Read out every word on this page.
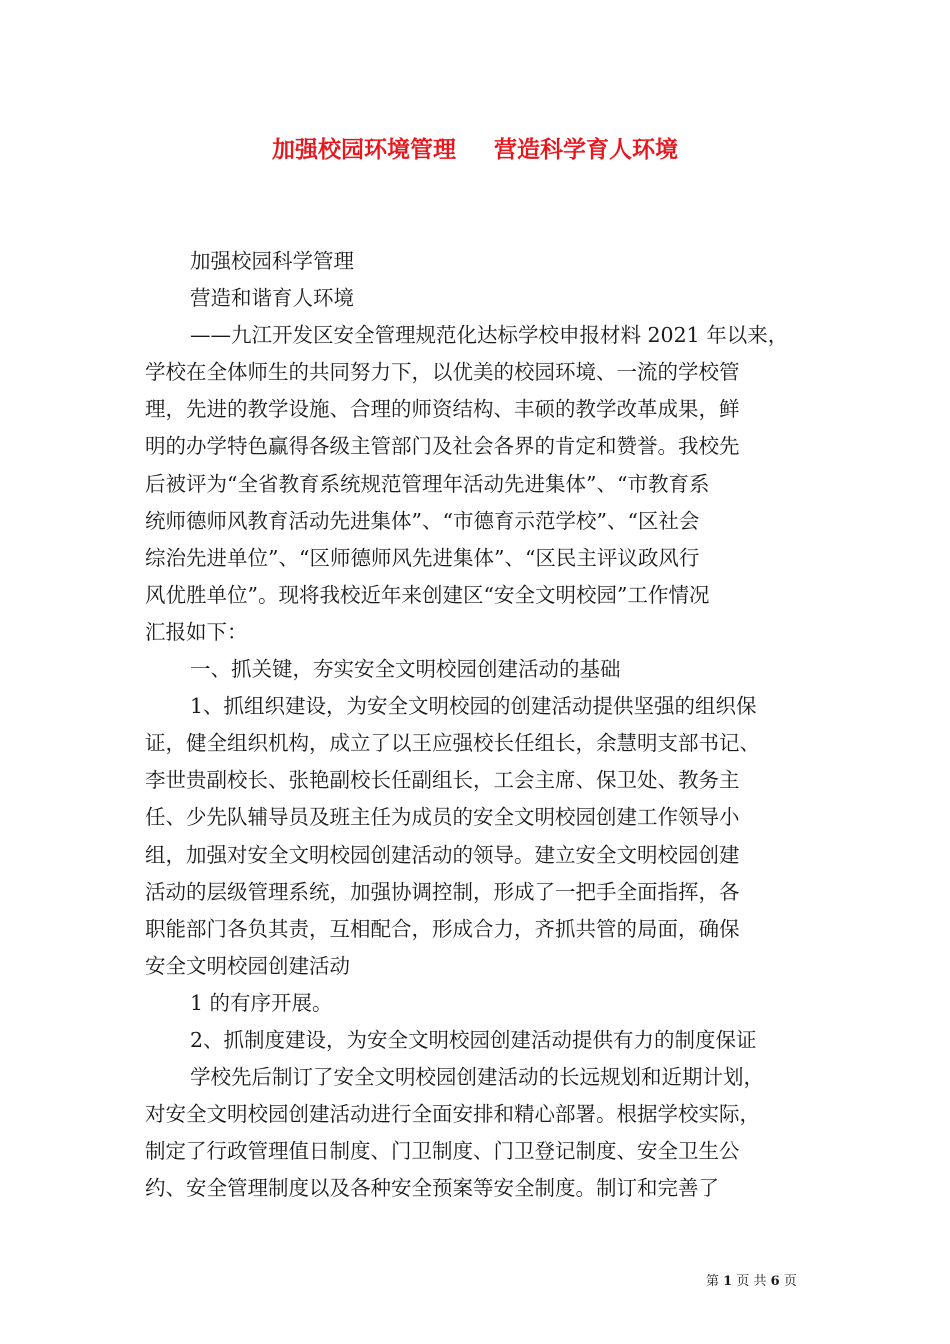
加强校园环境管理 营造科学育人环境
加强校园科学管理
营造和谐育人环境
——九江开发区安全管理规范化达标学校申报材料 2021 年以来，
学校在全体师生的共同努力下，以优美的校园环境、一流的学校管
理，先进的教学设施、合理的师资结构、丰硕的教学改革成果，鲜
明的办学特色赢得各级主管部门及社会各界的肯定和赞誉。我校先
后被评为“全省教育系统规范管理年活动先进集体”、“市教育系
统师德师风教育活动先进集体”、“市德育示范学校”、“区社会
综治先进单位”、“区师德师风先进集体”、“区民主评议政风行
风优胜单位”。现将我校近年来创建区“安全文明校园”工作情况
汇报如下：
一、抓关键，夯实安全文明校园创建活动的基础
1、抓组织建设，为安全文明校园的创建活动提供坚强的组织保
证，健全组织机构，成立了以王应强校长任组长，余慧明支部书记、
李世贵副校长、张艳副校长任副组长，工会主席、保卫处、教务主
任、少先队辅导员及班主任为成员的安全文明校园创建工作领导小
组，加强对安全文明校园创建活动的领导。建立安全文明校园创建
活动的层级管理系统，加强协调控制，形成了一把手全面指挥，各
职能部门各负其责，互相配合，形成合力，齐抓共管的局面，确保
安全文明校园创建活动
1 的有序开展。
2、抓制度建设，为安全文明校园创建活动提供有力的制度保证
学校先后制订了安全文明校园创建活动的长远规划和近期计划，
对安全文明校园创建活动进行全面安排和精心部署。根据学校实际，
制定了行政管理值日制度、门卫制度、门卫登记制度、安全卫生公
约、安全管理制度以及各种安全预案等安全制度。制订和完善了
第 1 页 共 6 页
